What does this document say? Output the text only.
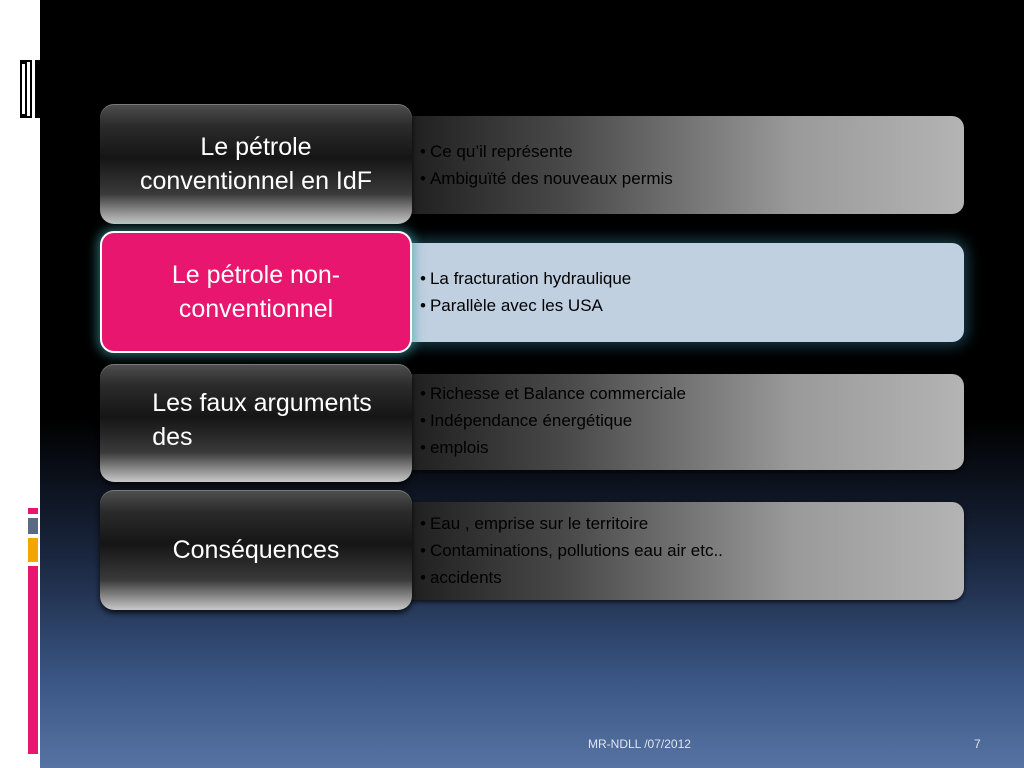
• Ce qu’il représente
• Ambiguïté des nouveaux permis
Le pétrole
conventionnel en IdF
• La fracturation hydraulique
• Parallèle avec les USA
Le pétrole non-
conventionnel
• Richesse et Balance commerciale
• Indépendance énergétique
• emplois
Les faux arguments
des
• Eau , emprise sur le territoire
• Contaminations, pollutions eau air etc..
• accidents
Conséquences
MR-NDLL /07/2012	7
